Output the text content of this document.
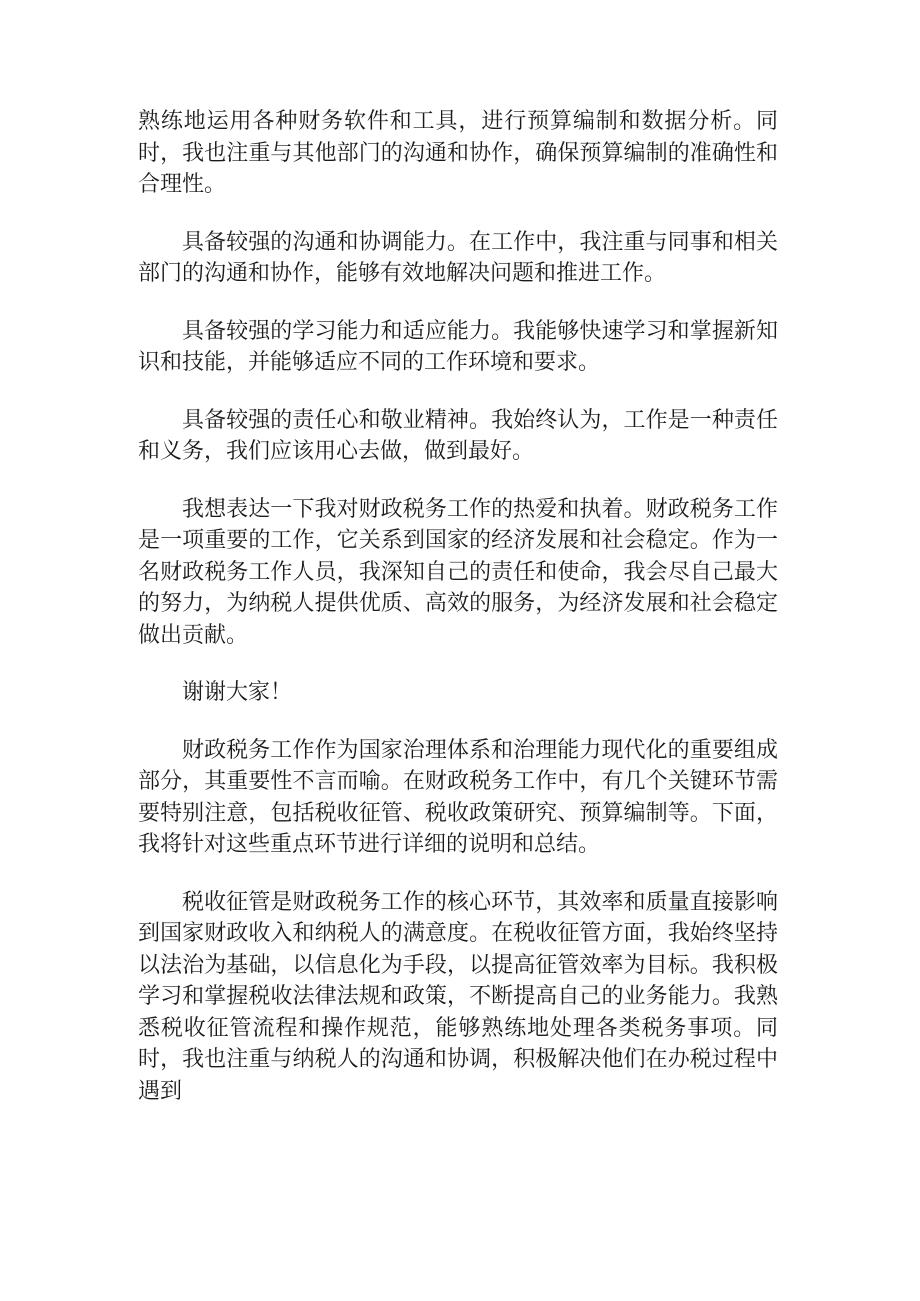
熟练地运用各种财务软件和工具，进行预算编制和数据分析。同时，我也注重与其他部门的沟通和协作，确保预算编制的准确性和合理性。

具备较强的沟通和协调能力。在工作中，我注重与同事和相关部门的沟通和协作，能够有效地解决问题和推进工作。

具备较强的学习能力和适应能力。我能够快速学习和掌握新知识和技能，并能够适应不同的工作环境和要求。

具备较强的责任心和敬业精神。我始终认为，工作是一种责任和义务，我们应该用心去做，做到最好。

我想表达一下我对财政税务工作的热爱和执着。财政税务工作是一项重要的工作，它关系到国家的经济发展和社会稳定。作为一名财政税务工作人员，我深知自己的责任和使命，我会尽自己最大的努力，为纳税人提供优质、高效的服务，为经济发展和社会稳定做出贡献。

谢谢大家！

财政税务工作作为国家治理体系和治理能力现代化的重要组成部分，其重要性不言而喻。在财政税务工作中，有几个关键环节需要特别注意，包括税收征管、税收政策研究、预算编制等。下面，我将针对这些重点环节进行详细的说明和总结。

税收征管是财政税务工作的核心环节，其效率和质量直接影响到国家财政收入和纳税人的满意度。在税收征管方面，我始终坚持以法治为基础，以信息化为手段，以提高征管效率为目标。我积极学习和掌握税收法律法规和政策，不断提高自己的业务能力。我熟悉税收征管流程和操作规范，能够熟练地处理各类税务事项。同时，我也注重与纳税人的沟通和协调，积极解决他们在办税过程中遇到
